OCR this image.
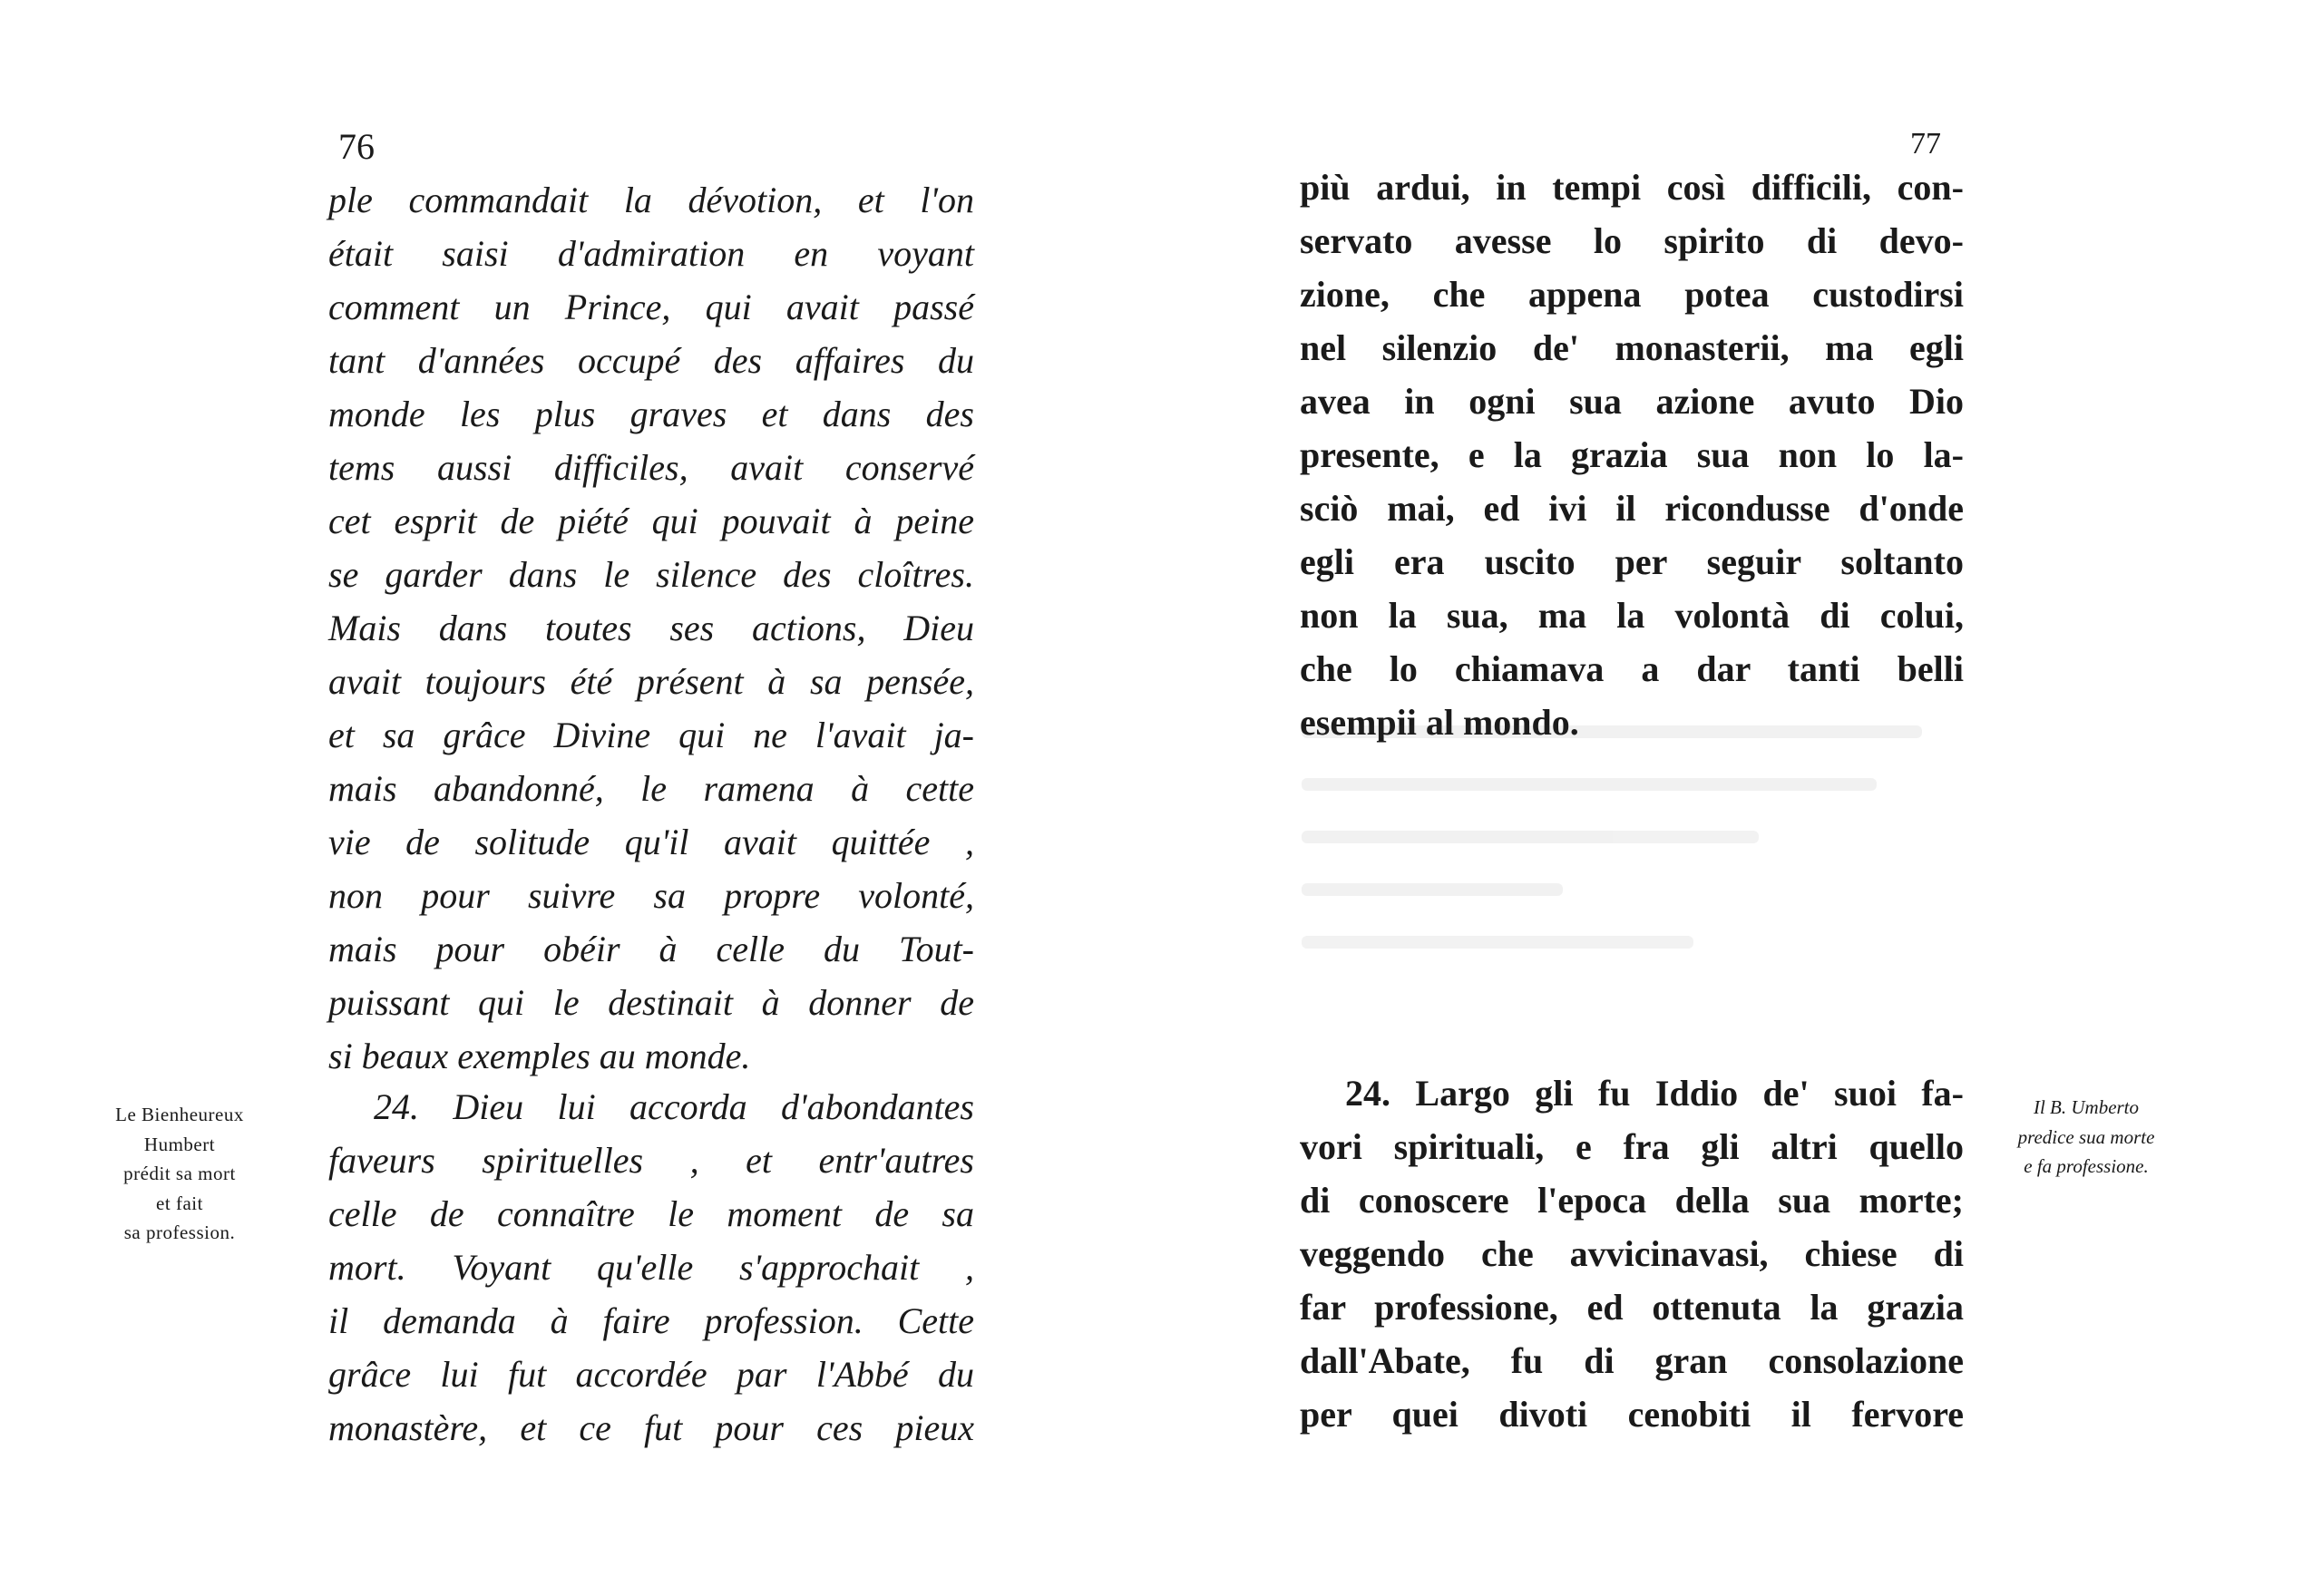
76
ple commandait la dévotion, et l'on
était saisi d'admiration en voyant
comment un Prince, qui avait passé
tant d'années occupé des affaires du
monde les plus graves et dans des
tems aussi difficiles, avait conservé
cet esprit de piété qui pouvait à peine
se garder dans le silence des cloîtres.
Mais dans toutes ses actions, Dieu
avait toujours été présent à sa pensée,
et sa grâce Divine qui ne l'avait ja-
mais abandonné, le ramena à cette
vie de solitude qu'il avait quittée ,
non pour suivre sa propre volonté,
mais pour obéir à celle du Tout-
puissant qui le destinait à donner de
si beaux exemples au monde.
Le Bienheureux
Humbert
prédit sa mort
et fait
sa profession.
24. Dieu lui accorda d'abondantes
faveurs spirituelles , et entr'autres
celle de connaître le moment de sa
mort. Voyant qu'elle s'approchait ,
il demanda à faire profession. Cette
grâce lui fut accordée par l'Abbé du
monastère, et ce fut pour ces pieux
77
più ardui, in tempi così difficili, con-
servato avesse lo spirito di devo-
zione, che appena potea custodirsi
nel silenzio de' monasterii, ma egli
avea in ogni sua azione avuto Dio
presente, e la grazia sua non lo la-
sciò mai, ed ivi il ricondusse d'onde
egli era uscito per seguir soltanto
non la sua, ma la volontà di colui,
che lo chiamava a dar tanti belli
esempii al mondo.
24. Largo gli fu Iddio de' suoi fa-
vori spirituali, e fra gli altri quello
di conoscere l'epoca della sua morte;
veggendo che avvicinavasi, chiese di
far professione, ed ottenuta la grazia
dall'Abate, fu di gran consolazione
per quei divoti cenobiti il fervore
Il B. Umberto
predice sua morte
e fa professione.
